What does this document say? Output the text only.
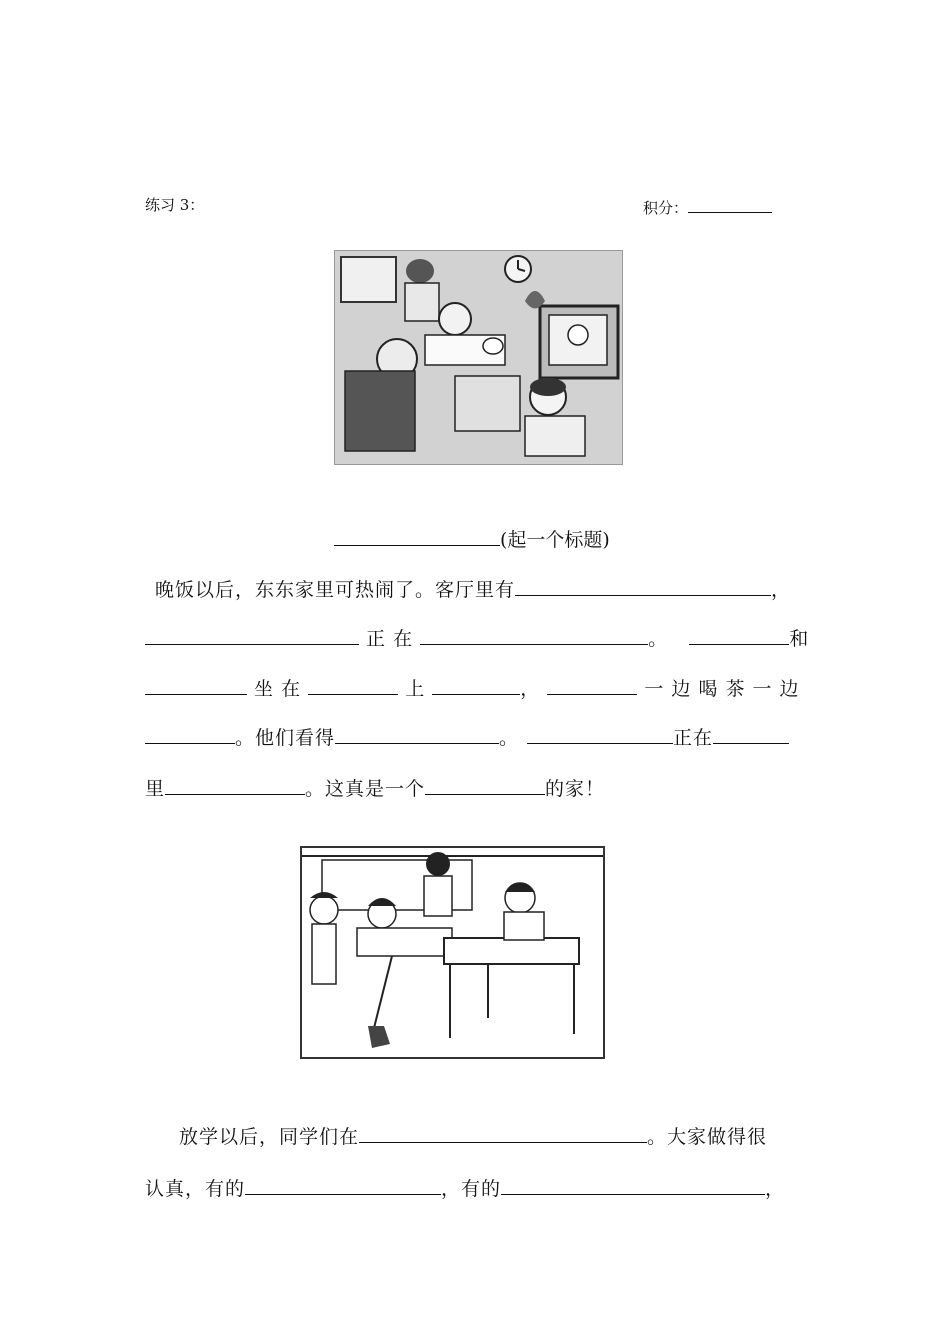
练习 3：	积分：
(起一个标题)
晚饭以后，东东家里可热闹了。客厅里有	，
正 在	。	和
坐 在	上	，	一 边 喝 茶 一 边
。他们看得	。	正在
里	。这真是一个	的家！
放学以后，同学们在	。大家做得很
认真，有的	，有的	，
